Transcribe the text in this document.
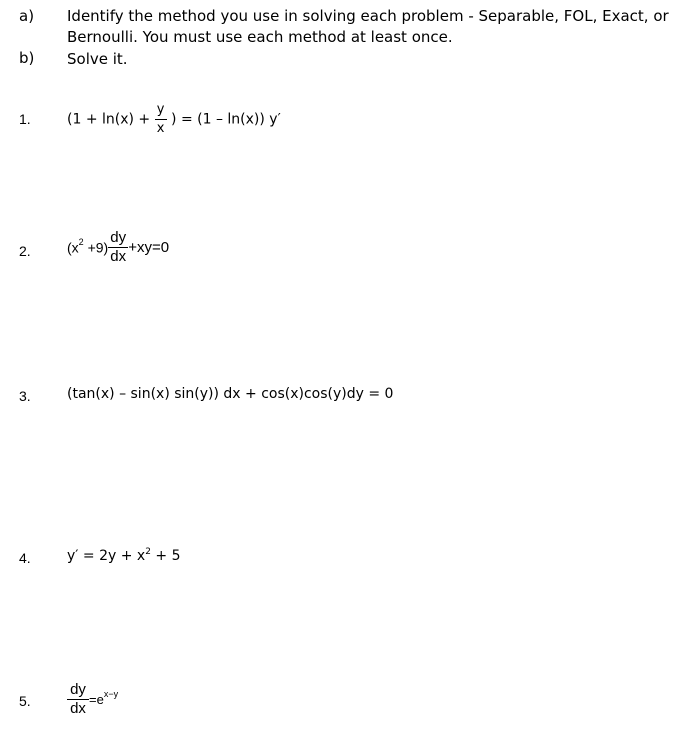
a) Identify the method you use in solving each problem - Separable, FOL, Exact, or
Bernoulli. You must use each method at least once.
b) Solve it.
1.	($1 + \ln(x) + \frac{y}{x}$ ) = (1 – ln(x)) y′
2.	$(x^2 +9) \frac{dy}{dx} +xy=0$
3.	(tan(x) – sin(x) sin(y)) dx + cos(x)cos(y)dy = 0
4.	$y' = 2y + x^2 + 5$
5. $\frac{dy}{dx} =e^{x-y}$
